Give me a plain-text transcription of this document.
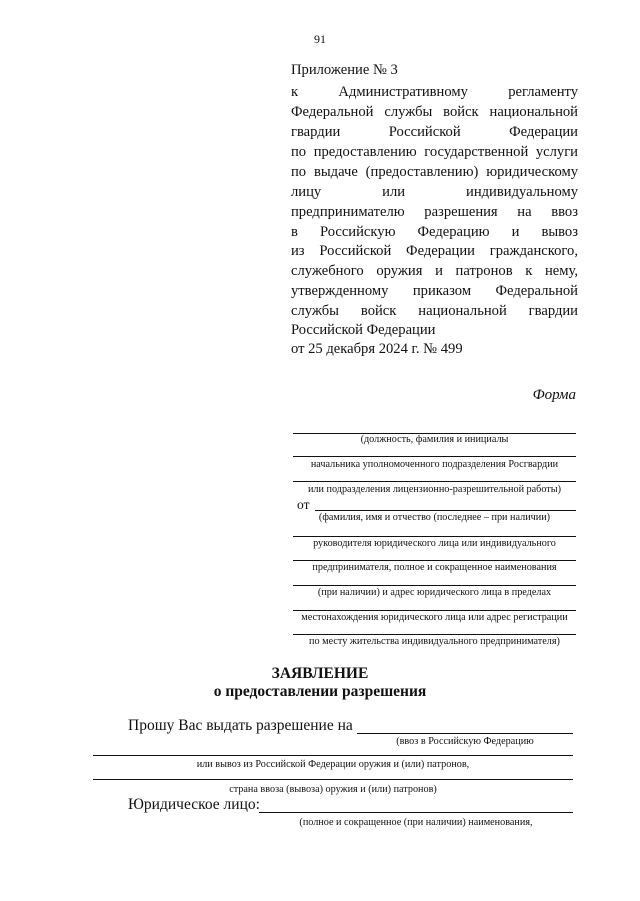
91
Приложение № 3
к Административному регламенту
Федеральной службы войск национальной
гвардии Российской Федерации
по предоставлению государственной услуги
по выдаче (предоставлению) юридическому
лицу или индивидуальному
предпринимателю разрешения на ввоз
в Российскую Федерацию и вывоз
из Российской Федерации гражданского,
служебного оружия и патронов к нему,
утвержденному приказом Федеральной
службы войск национальной гвардии
Российской Федерации
от 25 декабря 2024 г. № 499
Форма
(должность, фамилия и инициалы
начальника уполномоченного подразделения Росгвардии
или подразделения лицензионно-разрешительной работы)
от
(фамилия, имя и отчество (последнее – при наличии)
руководителя юридического лица или индивидуального
предпринимателя, полное и сокращенное наименования
(при наличии) и адрес юридического лица в пределах
местонахождения юридического лица или адрес регистрации
по месту жительства индивидуального предпринимателя)
ЗАЯВЛЕНИЕ
о предоставлении разрешения
Прошу Вас выдать разрешение на
(ввоз в Российскую Федерацию
или вывоз из Российской Федерации оружия и (или) патронов,
страна ввоза (вывоза) оружия и (или) патронов)
Юридическое лицо:
(полное и сокращенное (при наличии) наименования,
